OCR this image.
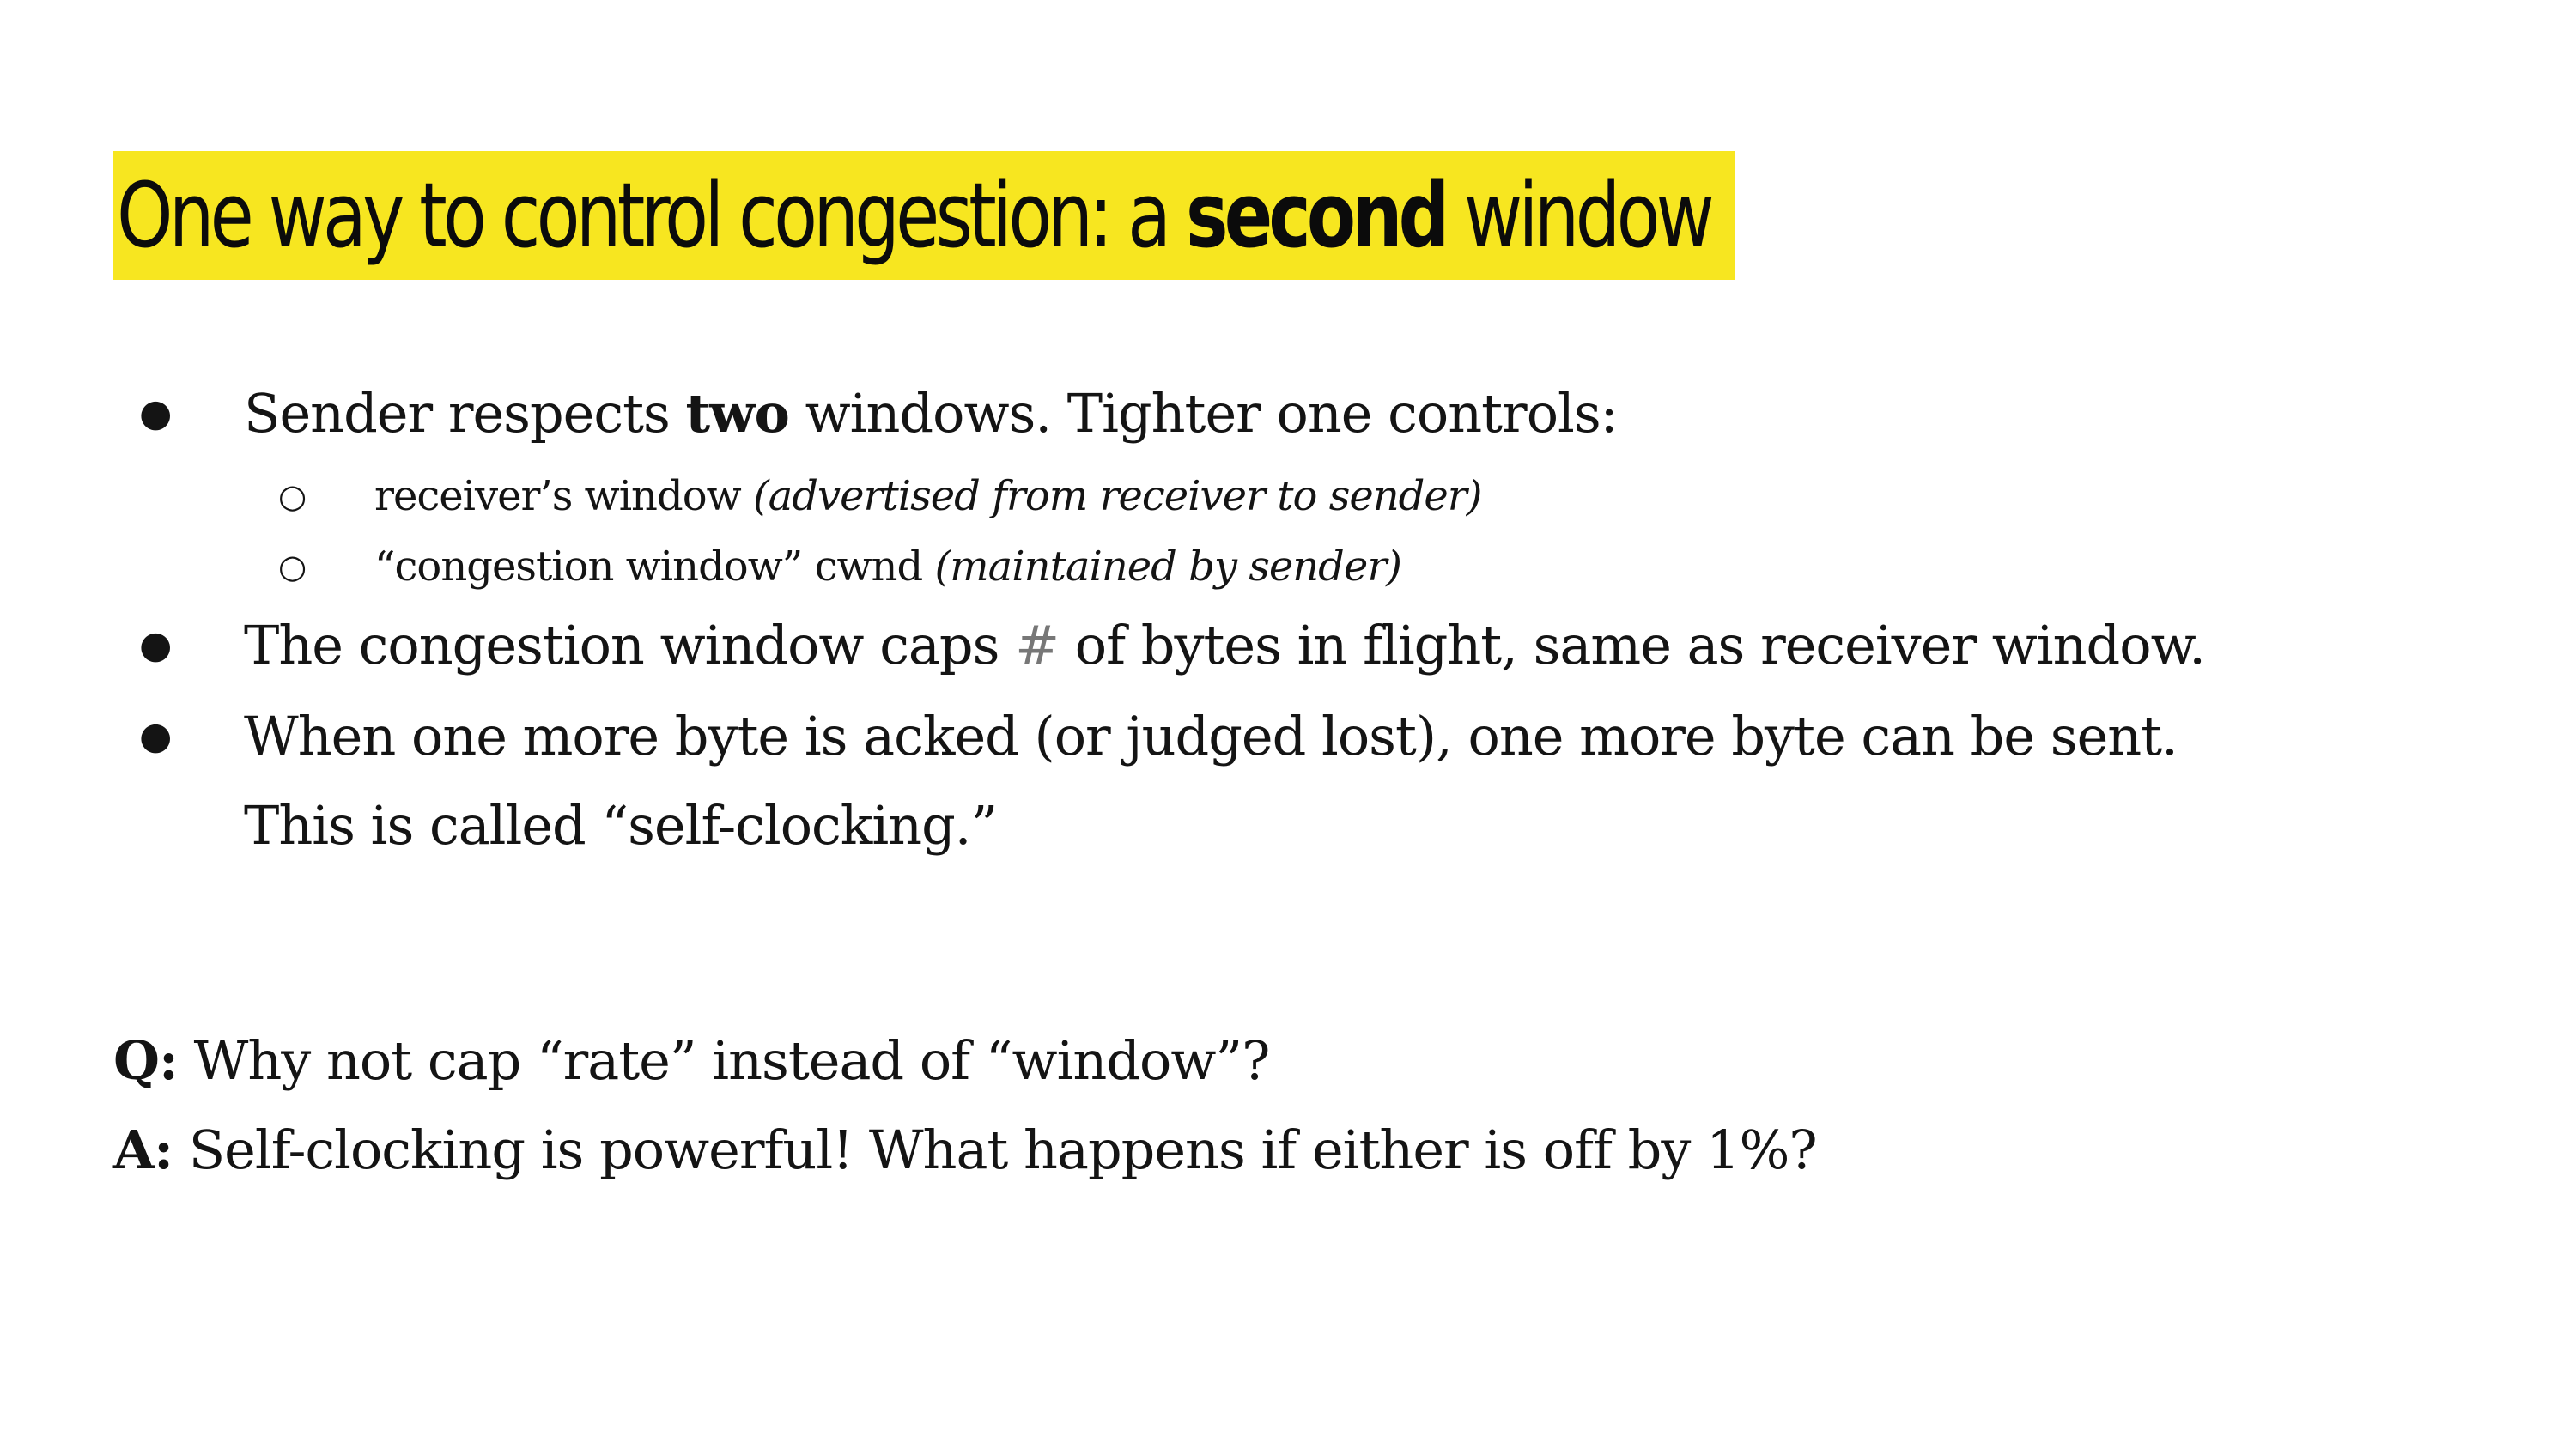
One way to control congestion: a second window
● Sender respects two windows. Tighter one controls:
○ receiver’s window (advertised from receiver to sender)
○ “congestion window” cwnd (maintained by sender)
● The congestion window caps # of bytes in flight, same as receiver window.
● When one more byte is acked (or judged lost), one more byte can be sent.
This is called “self-clocking.”
Q: Why not cap “rate” instead of “window”?
A: Self-clocking is powerful! What happens if either is off by 1%?
